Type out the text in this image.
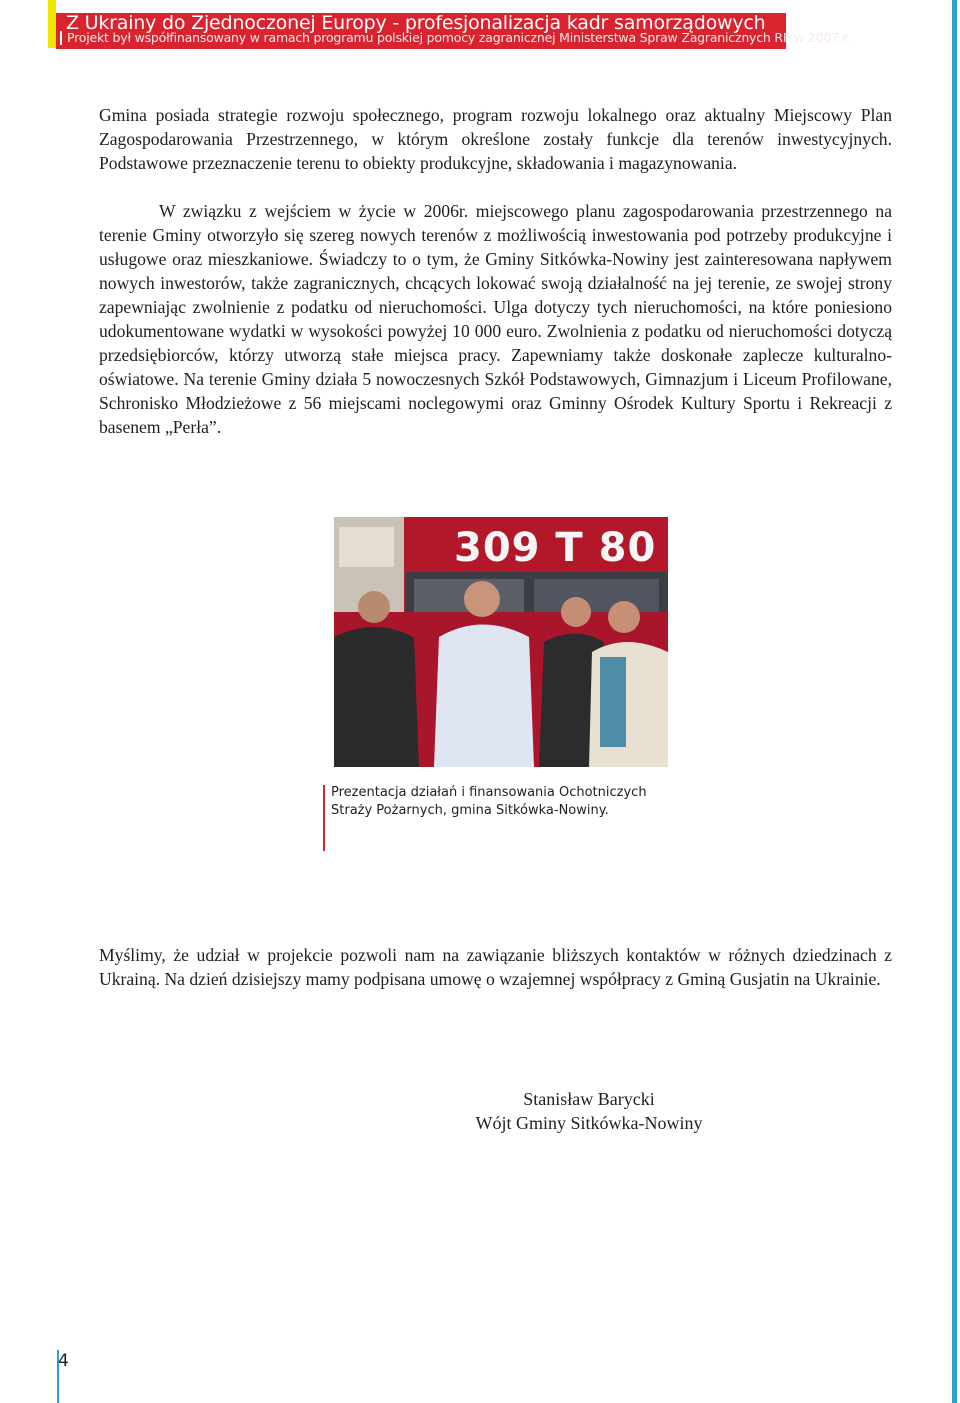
Z Ukrainy do Zjednoczonej Europy - profesjonalizacja kadr samorządowych
Projekt był współfinansowany w ramach programu polskiej pomocy zagranicznej Ministerstwa Spraw Zagranicznych RP w 2007 r.

Gmina posiada strategie rozwoju społecznego, program rozwoju lokalnego oraz aktualny Miejscowy Plan Zagospodarowania Przestrzennego, w którym określone zostały funkcje dla terenów inwestycyjnych. Podstawowe przeznaczenie terenu to obiekty produkcyjne, składowania i magazynowania.

W związku z wejściem w życie w 2006r. miejscowego planu zagospodarowania przestrzennego na terenie Gminy otworzyło się szereg nowych terenów z możliwością inwestowania pod potrzeby produkcyjne i usługowe oraz mieszkaniowe. Świadczy to o tym, że Gminy Sitkówka-Nowiny jest zainteresowana napływem nowych inwestorów, także zagranicznych, chcących lokować swoją działalność na jej terenie, ze swojej strony zapewniając zwolnienie z podatku od nieruchomości. Ulga dotyczy tych nieruchomości, na które poniesiono udokumentowane wydatki w wysokości powyżej 10 000 euro. Zwolnienia z podatku od nieruchomości dotyczą przedsiębiorców, którzy utworzą stałe miejsca pracy. Zapewniamy także doskonałe zaplecze kulturalno-oświatowe. Na terenie Gminy działa 5 nowoczesnych Szkół Podstawowych, Gimnazjum i Liceum Profilowane, Schronisko Młodzieżowe z 56 miejscami noclegowymi oraz Gminny Ośrodek Kultury Sportu i Rekreacji z basenem „Perła”.

309 T 80
Prezentacja działań i finansowania Ochotniczych Straży Pożarnych, gmina Sitkówka-Nowiny.

Myślimy, że udział w projekcie pozwoli nam na zawiązanie bliższych kontaktów w różnych dziedzinach z Ukrainą. Na dzień dzisiejszy mamy podpisana umowę o wzajemnej współpracy z Gminą Gusjatin na Ukrainie.

Stanisław Barycki
Wójt Gminy Sitkówka-Nowiny
4
